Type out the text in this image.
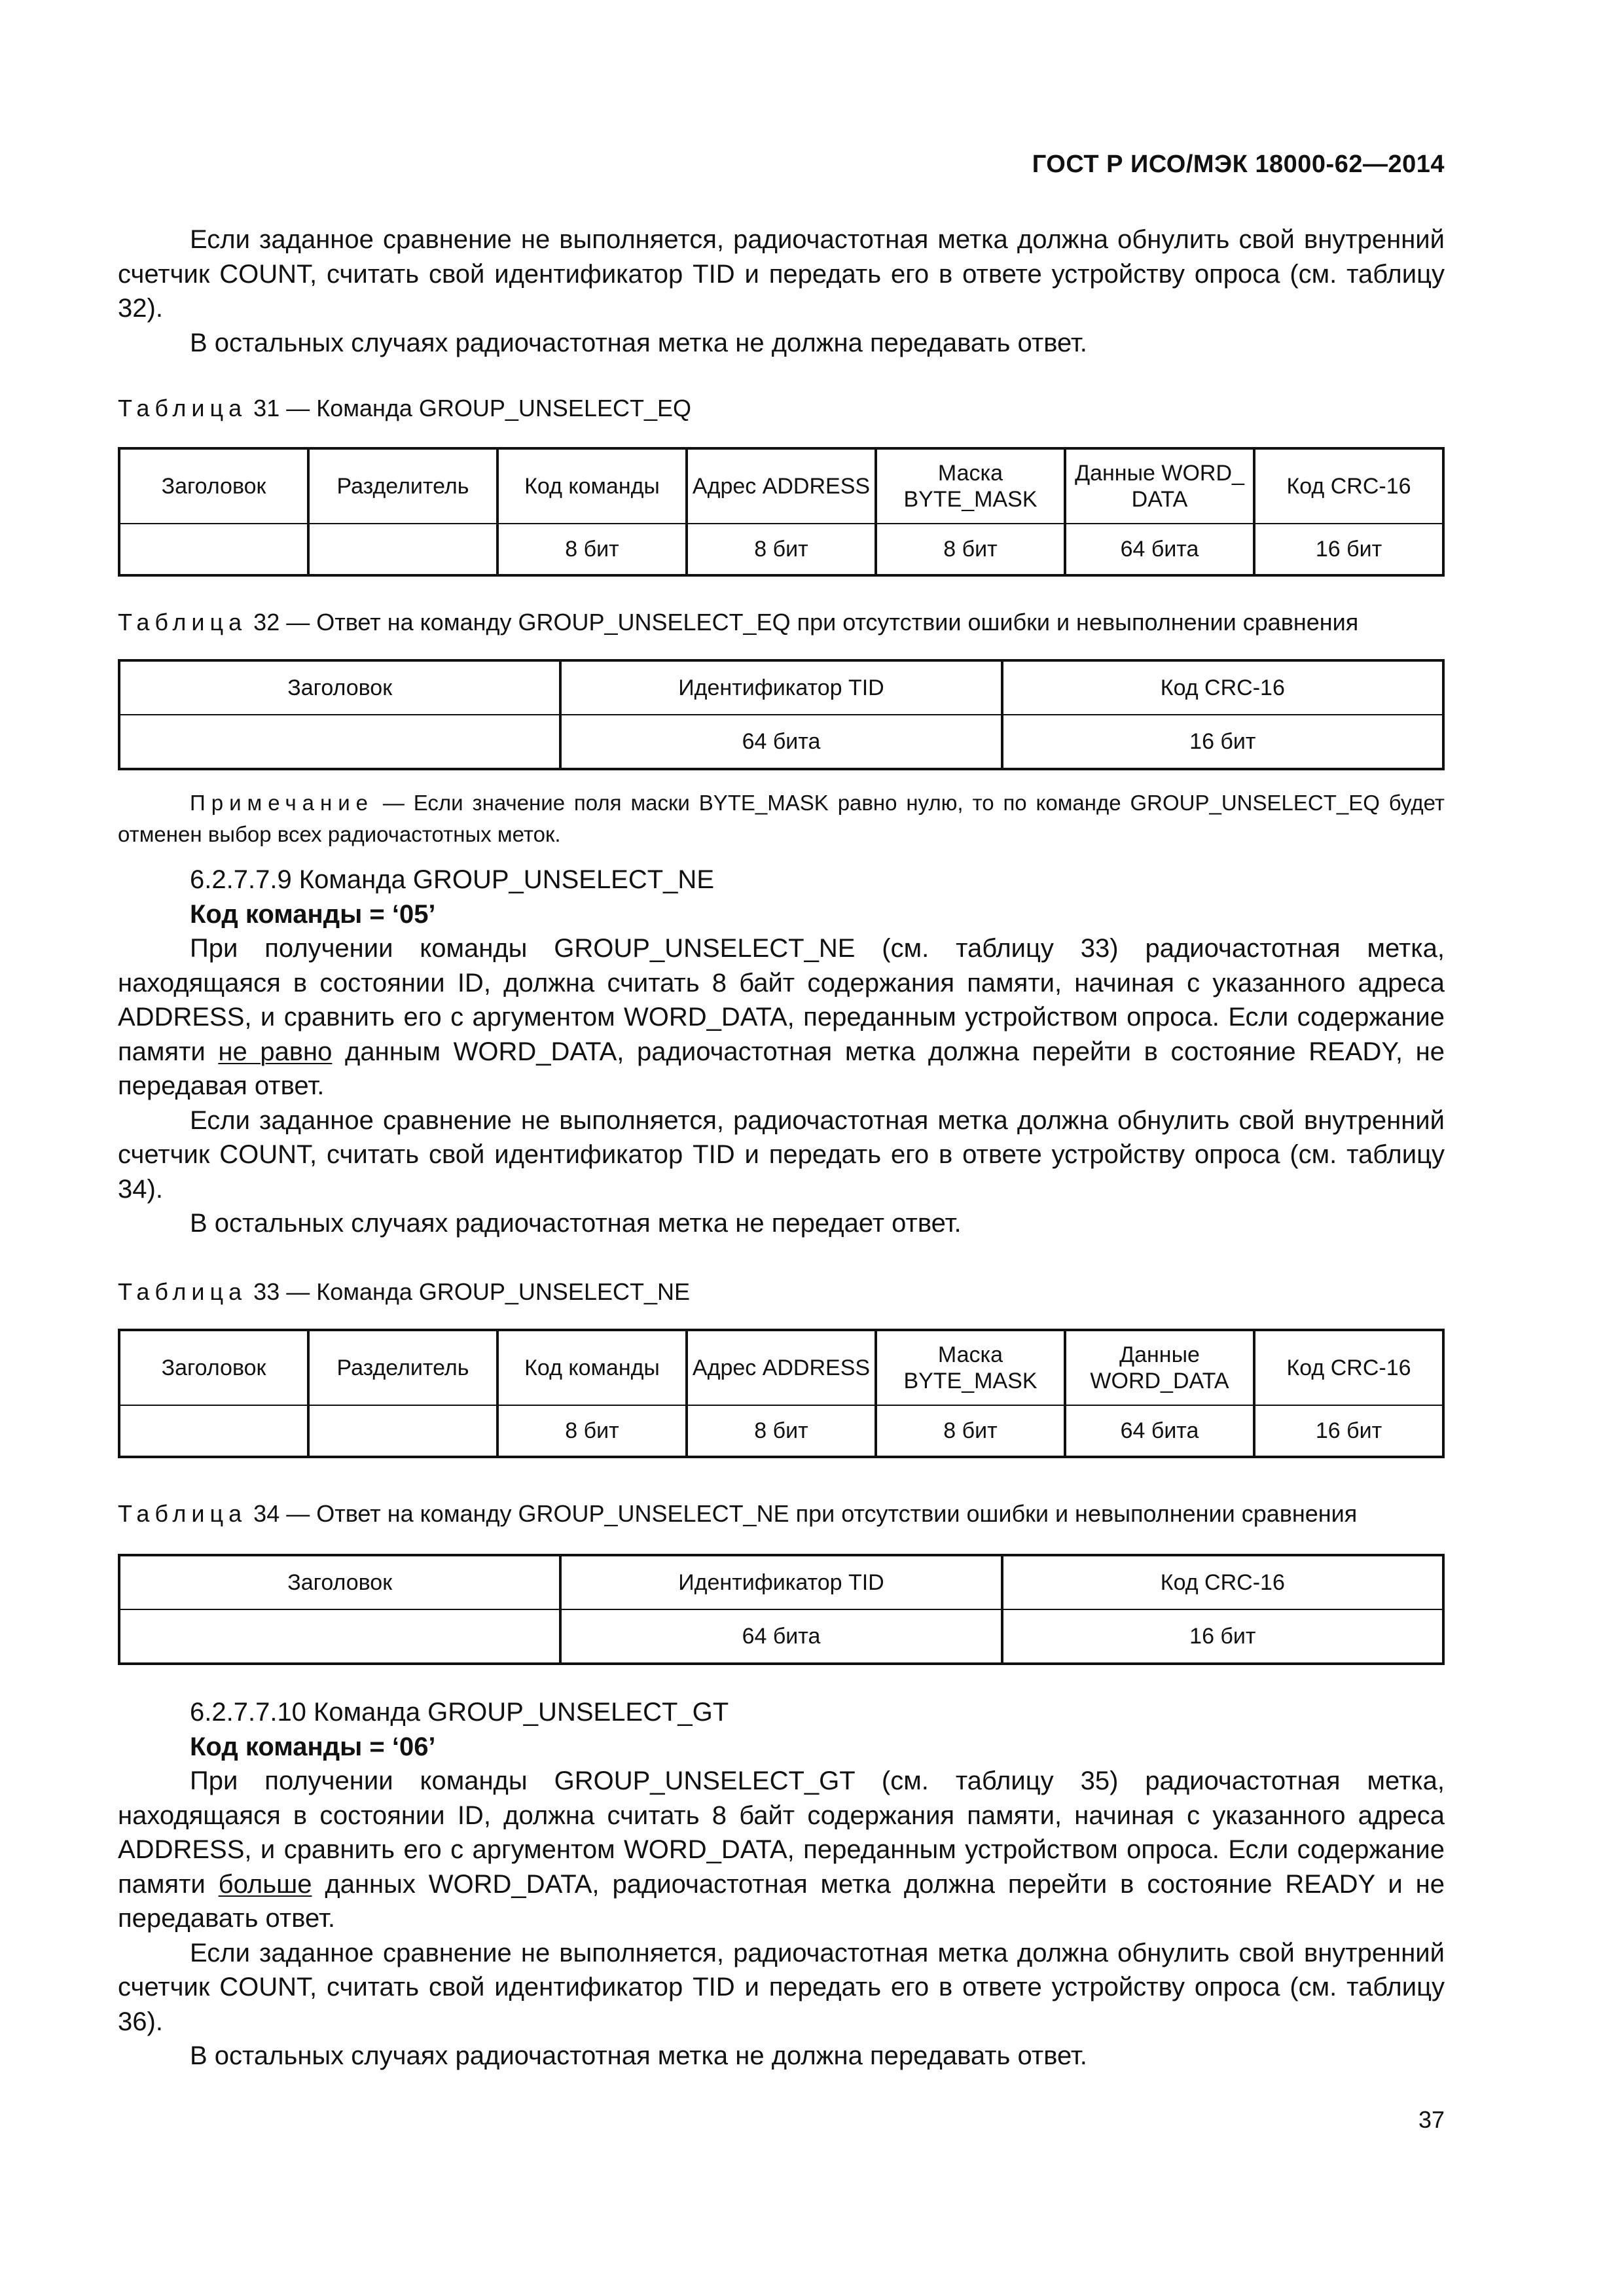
ГОСТ Р ИСО/МЭК 18000-62—2014

Если заданное сравнение не выполняется, радиочастотная метка должна обнулить свой внутренний счетчик COUNT, считать свой идентификатор TID и передать его в ответе устройству опроса (см. таблицу 32).

В остальных случаях радиочастотная метка не должна передавать ответ.

Таблица 31 — Команда GROUP_UNSELECT_EQ
Заголовок	Разделитель	Код команды	Адрес ADDRESS	Маска BYTE_MASK	Данные WORD_ DATA	Код CRC-16
		8 бит	8 бит	8 бит	64 бита	16 бит
Таблица 32 — Ответ на команду GROUP_UNSELECT_EQ при отсутствии ошибки и невыполнении сравнения
Заголовок	Идентификатор TID	Код CRC-16
	64 бита	16 бит

Примечание — Если значение поля маски BYTE_MASK равно нулю, то по команде GROUP_UNSELECT_EQ будет отменен выбор всех радиочастотных меток.

6.2.7.7.9 Команда GROUP_UNSELECT_NE

Код команды = ‘05’

При получении команды GROUP_UNSELECT_NE (см. таблицу 33) радиочастотная метка, находящаяся в состоянии ID, должна считать 8 байт содержания памяти, начиная с указанного адреса ADDRESS, и сравнить его с аргументом WORD_DATA, переданным устройством опроса. Если содержание памяти не равно данным WORD_DATA, радиочастотная метка должна перейти в состояние READY, не передавая ответ.

Если заданное сравнение не выполняется, радиочастотная метка должна обнулить свой внутренний счетчик COUNT, считать свой идентификатор TID и передать его в ответе устройству опроса (см. таблицу 34).

В остальных случаях радиочастотная метка не передает ответ.

Таблица 33 — Команда GROUP_UNSELECT_NE
Заголовок	Разделитель	Код команды	Адрес ADDRESS	Маска BYTE_MASK	Данные WORD_DATA	Код CRC-16
		8 бит	8 бит	8 бит	64 бита	16 бит
Таблица 34 — Ответ на команду GROUP_UNSELECT_NE при отсутствии ошибки и невыполнении сравнения
Заголовок	Идентификатор TID	Код CRC-16
	64 бита	16 бит

6.2.7.7.10 Команда GROUP_UNSELECT_GT

Код команды = ‘06’

При получении команды GROUP_UNSELECT_GT (см. таблицу 35) радиочастотная метка, находящаяся в состоянии ID, должна считать 8 байт содержания памяти, начиная с указанного адреса ADDRESS, и сравнить его с аргументом WORD_DATA, переданным устройством опроса. Если содержание памяти больше данных WORD_DATA, радиочастотная метка должна перейти в состояние READY и не передавать ответ.

Если заданное сравнение не выполняется, радиочастотная метка должна обнулить свой внутренний счетчик COUNT, считать свой идентификатор TID и передать его в ответе устройству опроса (см. таблицу 36).

В остальных случаях радиочастотная метка не должна передавать ответ.

37
